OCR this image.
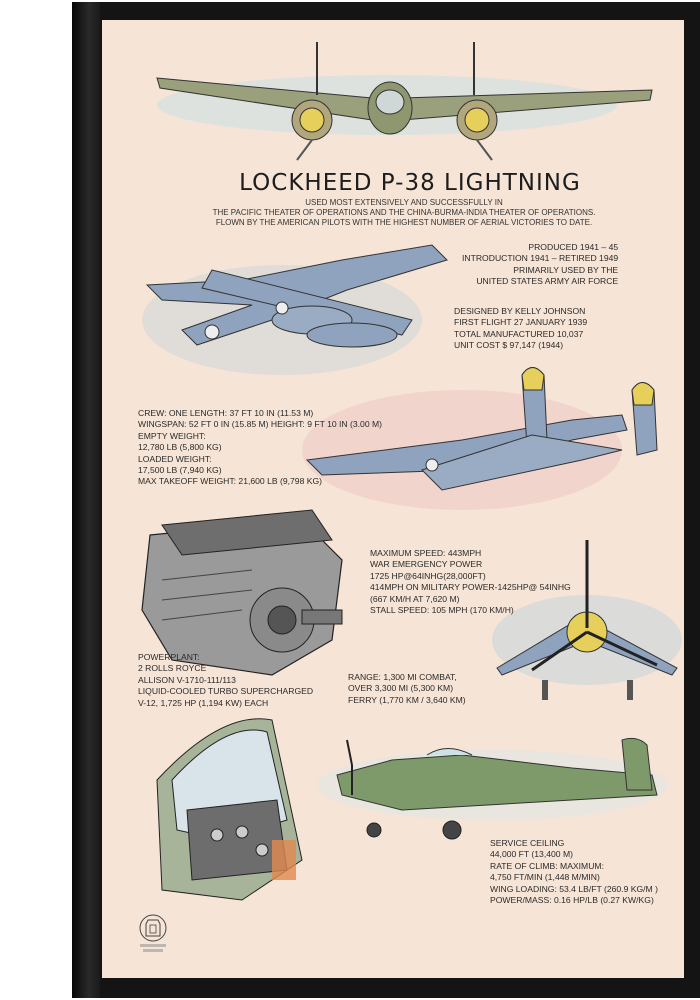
LOCKHEED P-38 LIGHTNING
USED MOST EXTENSIVELY AND SUCCESSFULLY IN
THE PACIFIC THEATER OF OPERATIONS AND THE CHINA-BURMA-INDIA THEATER OF OPERATIONS.
FLOWN BY THE AMERICAN PILOTS WITH THE HIGHEST NUMBER OF AERIAL VICTORIES TO DATE.
PRODUCED 1941 – 45
INTRODUCTION 1941 – RETIRED 1949
PRIMARILY USED BY THE
UNITED STATES ARMY AIR FORCE
DESIGNED BY KELLY JOHNSON
FIRST FLIGHT 27 JANUARY 1939
TOTAL MANUFACTURED 10,037
UNIT COST $ 97,147 (1944)
CREW: ONE LENGTH: 37 FT 10 IN (11.53 M)
WINGSPAN: 52 FT 0 IN (15.85 M) HEIGHT: 9 FT 10 IN (3.00 M)
EMPTY WEIGHT:
12,780 LB (5,800 KG)
LOADED WEIGHT:
17,500 LB (7,940 KG)
MAX TAKEOFF WEIGHT: 21,600 LB (9,798 KG)
MAXIMUM SPEED: 443MPH
WAR EMERGENCY POWER
1725 HP@64INHG(28,000FT)
414MPH ON MILITARY POWER-1425HP@ 54INHG
(667 KM/H AT 7,620 M)
STALL SPEED: 105 MPH (170 KM/H)
POWERPLANT:
2 ROLLS ROYCE
ALLISON V-1710-111/113
LIQUID-COOLED TURBO SUPERCHARGED
V-12, 1,725 HP (1,194 KW) EACH
RANGE: 1,300 MI COMBAT,
OVER 3,300 MI (5,300 KM)
FERRY (1,770 KM / 3,640 KM)
SERVICE CEILING
44,000 FT (13,400 M)
RATE OF CLIMB: MAXIMUM:
4,750 FT/MIN (1,448 M/MIN)
WING LOADING: 53.4 LB/FT (260.9 KG/M )
POWER/MASS: 0.16 HP/LB (0.27 KW/KG)
